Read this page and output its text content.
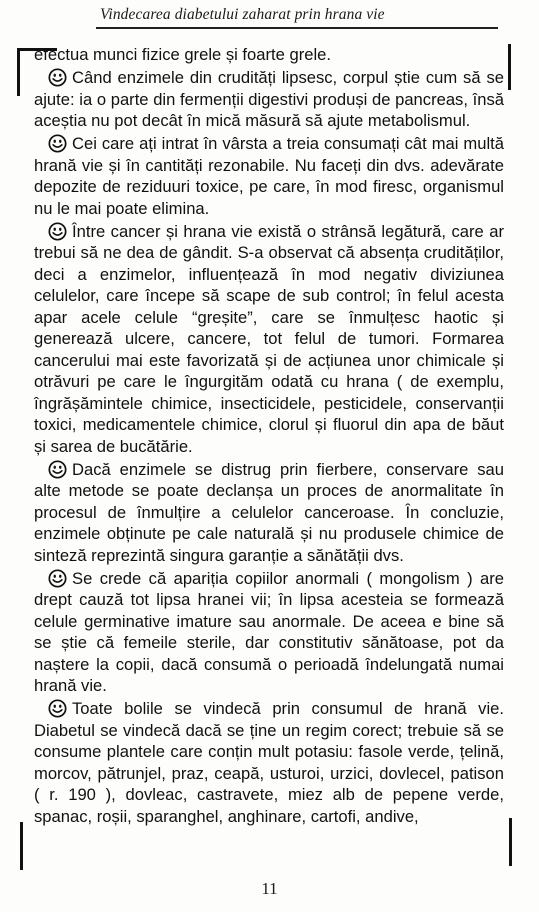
Vindecarea diabetului zaharat prin hrana vie

efectua munci fizice grele și foarte grele.

Când enzimele din crudități lipsesc, corpul știe cum să se ajute: ia o parte din fermenții digestivi produși de pancreas, însă aceștia nu pot decât în mică măsură să ajute metabolismul.

Cei care ați intrat în vârsta a treia consumați cât mai multă hrană vie și în cantități rezonabile. Nu faceți din dvs. adevărate depozite de reziduuri toxice, pe care, în mod firesc, organismul nu le mai poate elimina.

Între cancer și hrana vie există o strânsă legătură, care ar trebui să ne dea de gândit. S-a observat că absența crudităților, deci a enzimelor, influențează în mod negativ diviziunea celulelor, care începe să scape de sub control; în felul acesta apar acele celule “greșite”, care se înmulțesc haotic și generează ulcere, cancere, tot felul de tumori. Formarea cancerului mai este favorizată și de acțiunea unor chimicale și otrăvuri pe care le îngurgităm odată cu hrana ( de exemplu, îngrășămintele chimice, insecticidele, pesticidele, conservanții toxici, medicamentele chimice, clorul și fluorul din apa de băut și sarea de bucătărie.

Dacă enzimele se distrug prin fierbere, conservare sau alte metode se poate declanșa un proces de anormalitate în procesul de înmulțire a celulelor canceroase. În concluzie, enzimele obținute pe cale naturală și nu produsele chimice de sinteză reprezintă singura garanție a sănătății dvs.

Se crede că apariția copiilor anormali ( mongolism ) are drept cauză tot lipsa hranei vii; în lipsa acesteia se formează celule germinative imature sau anormale. De aceea e bine să se știe că femeile sterile, dar constitutiv sănătoase, pot da naștere la copii, dacă consumă o perioadă îndelungată numai hrană vie.

Toate bolile se vindecă prin consumul de hrană vie. Diabetul se vindecă dacă se ține un regim corect; trebuie să se consume plantele care conțin mult potasiu: fasole verde, țelină, morcov, pătrunjel, praz, ceapă, usturoi, urzici, dovlecel, patison ( r. 190 ), dovleac, castravete, miez alb de pepene verde, spanac, roșii, sparanghel, anghinare, cartofi, andive,

11
